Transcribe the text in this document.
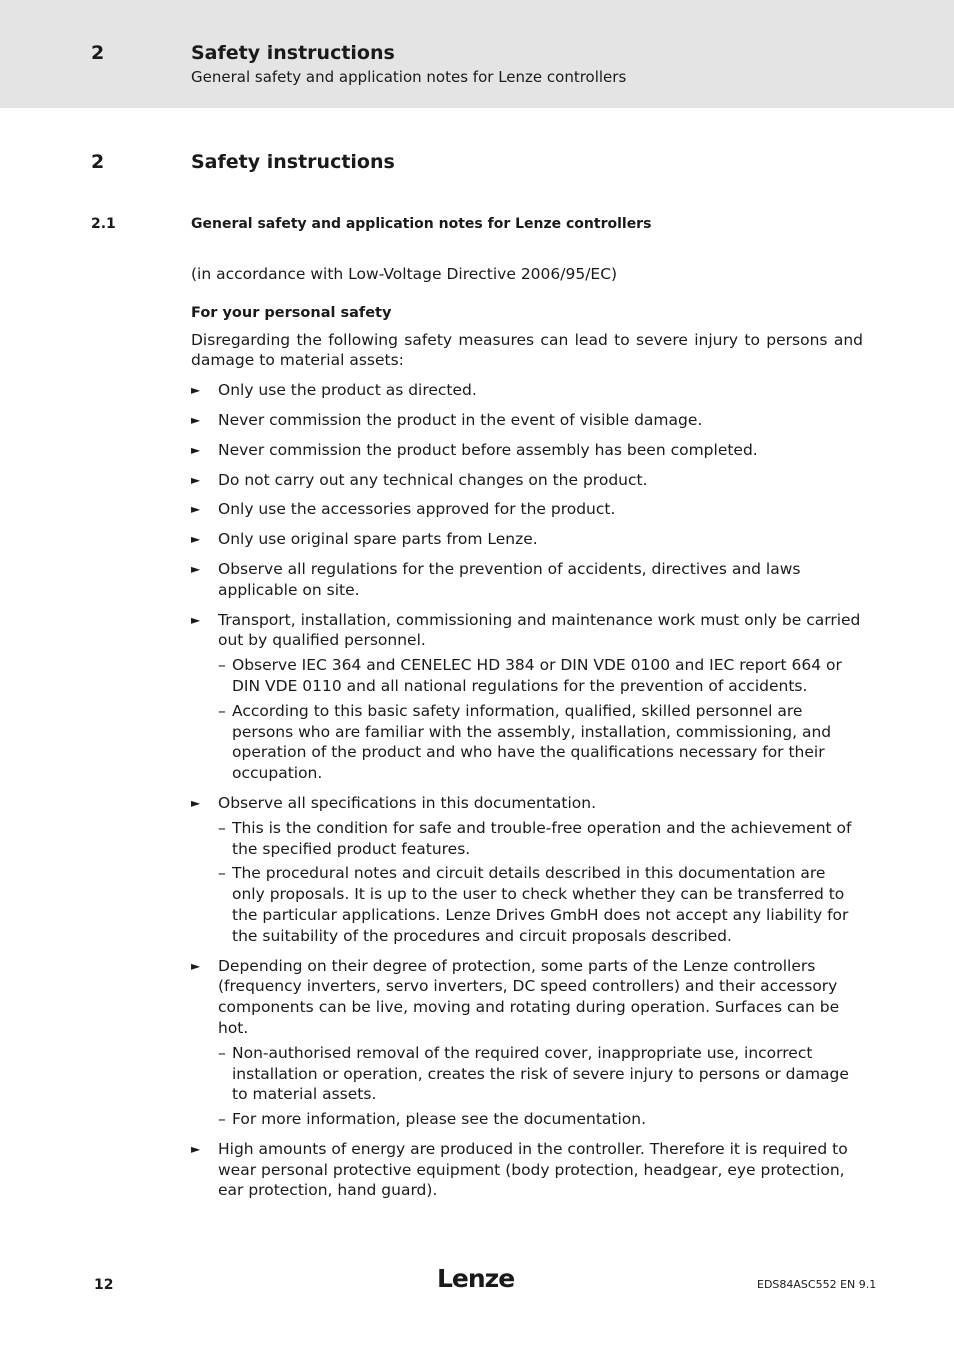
2	Safety instructions
General safety and application notes for Lenze controllers
2	Safety instructions
2.1	General safety and application notes for Lenze controllers

(in accordance with Low-Voltage Directive 2006/95/EC)

For your personal safety

Disregarding the following safety measures can lead to severe injury to persons and damage to material assets:

► Only use the product as directed.
► Never commission the product in the event of visible damage.
► Never commission the product before assembly has been completed.
► Do not carry out any technical changes on the product.
► Only use the accessories approved for the product.
► Only use original spare parts from Lenze.
► Observe all regulations for the prevention of accidents, directives and laws applicable on site.
► Transport, installation, commissioning and maintenance work must only be carried out by qualified personnel.
– Observe IEC 364 and CENELEC HD 384 or DIN VDE 0100 and IEC report 664 or DIN VDE 0110 and all national regulations for the prevention of accidents.
– According to this basic safety information, qualified, skilled personnel are persons who are familiar with the assembly, installation, commissioning, and operation of the product and who have the qualifications necessary for their occupation.
► Observe all specifications in this documentation.
– This is the condition for safe and trouble-free operation and the achievement of the specified product features.
– The procedural notes and circuit details described in this documentation are only proposals. It is up to the user to check whether they can be transferred to the particular applications. Lenze Drives GmbH does not accept any liability for the suitability of the procedures and circuit proposals described.
► Depending on their degree of protection, some parts of the Lenze controllers (frequency inverters, servo inverters, DC speed controllers) and their accessory components can be live, moving and rotating during operation. Surfaces can be hot.
– Non-authorised removal of the required cover, inappropriate use, incorrect installation or operation, creates the risk of severe injury to persons or damage to material assets.
– For more information, please see the documentation.
► High amounts of energy are produced in the controller. Therefore it is required to wear personal protective equipment (body protection, headgear, eye protection, ear protection, hand guard).
12	Lenze	EDS84ASC552 EN 9.1
